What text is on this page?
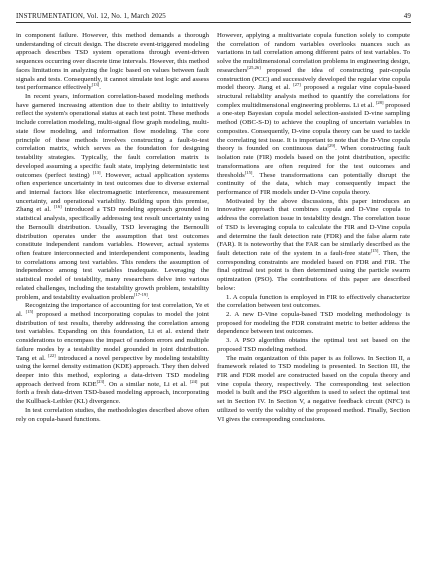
INSTRUMENTATION, Vol. 12, No. 1, March 2025	49

in component failure. However, this method demands a thorough understanding of circuit design. The discrete event-triggered modeling approach describes TSD system operations through event-driven sequences occurring over discrete time intervals. However, this method faces limitations in analyzing the logic based on values between fault signals and tests. Consequently, it cannot simulate test logic and assess test performance effectively[13].

In recent years, information correlation-based modeling methods have garnered increasing attention due to their ability to intuitively reflect the system's operational status at each test point. These methods include correlation modeling, multi-signal flow graph modeling, multi-state flow modeling, and information flow modeling. The core principle of these methods involves constructing a fault-to-test correlation matrix, which serves as the foundation for designing testability strategies. Typically, the fault correlation matrix is developed assuming a specific fault state, implying deterministic test outcomes (perfect testing) [13]. However, actual application systems often experience uncertainty in test outcomes due to diverse external and internal factors like electromagnetic interference, measurement uncertainty, and operational variability. Building upon this premise, Zhang et al. [16] introduced a TSD modeling approach grounded in statistical analysis, specifically addressing test result uncertainty using the Bernoulli distribution. Usually, TSD leveraging the Bernoulli distribution operates under the assumption that test outcomes constitute independent random variables. However, actual systems often feature interconnected and interdependent components, leading to correlations among test variables. This renders the assumption of independence among test variables inadequate. Leveraging the statistical model of testability, many researchers delve into various related challenges, including the testability growth problem, testability problem, and testability evaluation problem[17-19].

Recognizing the importance of accounting for test correlation, Ye et al. [15] proposed a method incorporating copulas to model the joint distribution of test results, thereby addressing the correlation among test variables. Expanding on this foundation, Li et al. extend their considerations to encompass the impact of random errors and multiple failure modes by a testability model grounded in joint distribution. Tang et al. [22] introduced a novel perspective by modeling testability using the kernel density estimation (KDE) approach. They then delved deeper into this method, exploring a data-driven TSD modeling approach derived from KDE[23]. On a similar note, Li et al. [24] put forth a fresh data-driven TSD-based modeling approach, incorporating the Kullback-Leibler (KL) divergence.

In test correlation studies, the methodologies described above often rely on copula-based functions.

However, applying a multivariate copula function solely to compute the correlation of random variables overlooks nuances such as variations in tail correlation among different pairs of test variables. To solve the multidimensional correlation problems in engineering design, researchers[25,26] proposed the idea of constructing pair-copula construction (PCC) and successively developed the regular vine copula model theory. Jiang et al. [27] proposed a regular vine copula-based structural reliability analysis method to quantify the correlations for complex multidimensional engineering problems. Li et al. [28] proposed a one-step Bayesian copula model selection-assisted D-vine sampling method (OBC-S-D) to achieve the coupling of uncertain variables in composites. Consequently, D-vine copula theory can be used to tackle the correlating test issue. It is important to note that the D-Vine copula theory is founded on continuous data[29]. When constructing fault isolation rate (FIR) models based on the joint distribution, specific transformations are often required for the test outcomes and thresholds[15]. These transformations can potentially disrupt the continuity of the data, which may consequently impact the performance of FIR models under D-Vine copula theory.

Motivated by the above discussions, this paper introduces an innovative approach that combines copula and D-Vine copula to address the correlation issue in testability design. The correlation issue of TSD is leveraging copula to calculate the FIR and D-Vine copula and determine the fault detection rate (FDR) and the false alarm rate (FAR). It is noteworthy that the FAR can be similarly described as the fault detection rate of the system in a fault-free state[15]. Then, the corresponding constraints are modeled based on FDR and FIR. The final optimal test point is then determined using the particle swarm optimization (PSO). The contributions of this paper are described below:

1. A copula function is employed in FIR to effectively characterize the correlation between test outcomes.

2. A new D-Vine copula-based TSD modeling methodology is proposed for modeling the FDR constraint metric to better address the dependence between test outcomes.

3. A PSO algorithm obtains the optimal test set based on the proposed TSD modeling method.

The main organization of this paper is as follows. In Section II, a framework related to TSD modeling is presented. In Section III, the FIR and FDR model are constructed based on the copula theory and vine copula theory, respectively. The corresponding test selection model is built and the PSO algorithm is used to select the optimal test set in Section IV. In Section V, a negative feedback circuit (NFC) is utilized to verify the validity of the proposed method. Finally, Section VI gives the corresponding conclusions.
